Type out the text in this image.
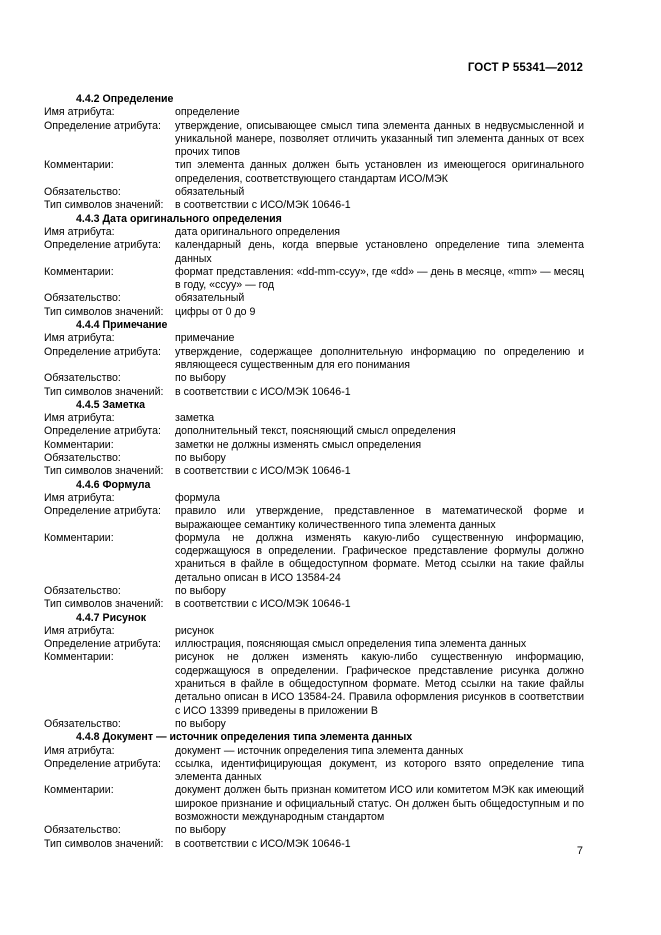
ГОСТ Р 55341—2012
4.4.2 Определение
Имя атрибута:	определение
Определение атрибута:	утверждение, описывающее смысл типа элемента данных в недвусмысленной и уникальной манере, позволяет отличить указанный тип элемента данных от всех прочих типов
Комментарии:	тип элемента данных должен быть установлен из имеющегося оригинального определения, соответствующего стандартам ИСО/МЭК
Обязательство:	обязательный
Тип символов значений:	в соответствии с ИСО/МЭК 10646-1
4.4.3 Дата оригинального определения
Имя атрибута:	дата оригинального определения
Определение атрибута:	календарный день, когда впервые установлено определение типа элемента данных
Комментарии:	формат представления: «dd-mm-ccyy», где «dd» — день в месяце, «mm» — месяц в году, «ccyy» — год
Обязательство:	обязательный
Тип символов значений:	цифры от 0 до 9
4.4.4 Примечание
Имя атрибута:	примечание
Определение атрибута:	утверждение, содержащее дополнительную информацию по определению и являющееся существенным для его понимания
Обязательство:	по выбору
Тип символов значений:	в соответствии с ИСО/МЭК 10646-1
4.4.5 Заметка
Имя атрибута:	заметка
Определение атрибута:	дополнительный текст, поясняющий смысл определения
Комментарии:	заметки не должны изменять смысл определения
Обязательство:	по выбору
Тип символов значений:	в соответствии с ИСО/МЭК 10646-1
4.4.6 Формула
Имя атрибута:	формула
Определение атрибута:	правило или утверждение, представленное в математической форме и выражающее семантику количественного типа элемента данных
Комментарии:	формула не должна изменять какую-либо существенную информацию, содержащуюся в определении. Графическое представление формулы должно храниться в файле в общедоступном формате. Метод ссылки на такие файлы детально описан в ИСО 13584-24
Обязательство:	по выбору
Тип символов значений:	в соответствии с ИСО/МЭК 10646-1
4.4.7 Рисунок
Имя атрибута:	рисунок
Определение атрибута:	иллюстрация, поясняющая смысл определения типа элемента данных
Комментарии:	рисунок не должен изменять какую-либо существенную информацию, содержащуюся в определении. Графическое представление рисунка должно храниться в файле в общедоступном формате. Метод ссылки на такие файлы детально описан в ИСО 13584-24. Правила оформления рисунков в соответствии с ИСО 13399 приведены в приложении В
Обязательство:	по выбору
4.4.8 Документ — источник определения типа элемента данных
Имя атрибута:	документ — источник определения типа элемента данных
Определение атрибута:	ссылка, идентифицирующая документ, из которого взято определение типа элемента данных
Комментарии:	документ должен быть признан комитетом ИСО или комитетом МЭК как имеющий широкое признание и официальный статус. Он должен быть общедоступным и по возможности международным стандартом
Обязательство:	по выбору
Тип символов значений:	в соответствии с ИСО/МЭК 10646-1
7
